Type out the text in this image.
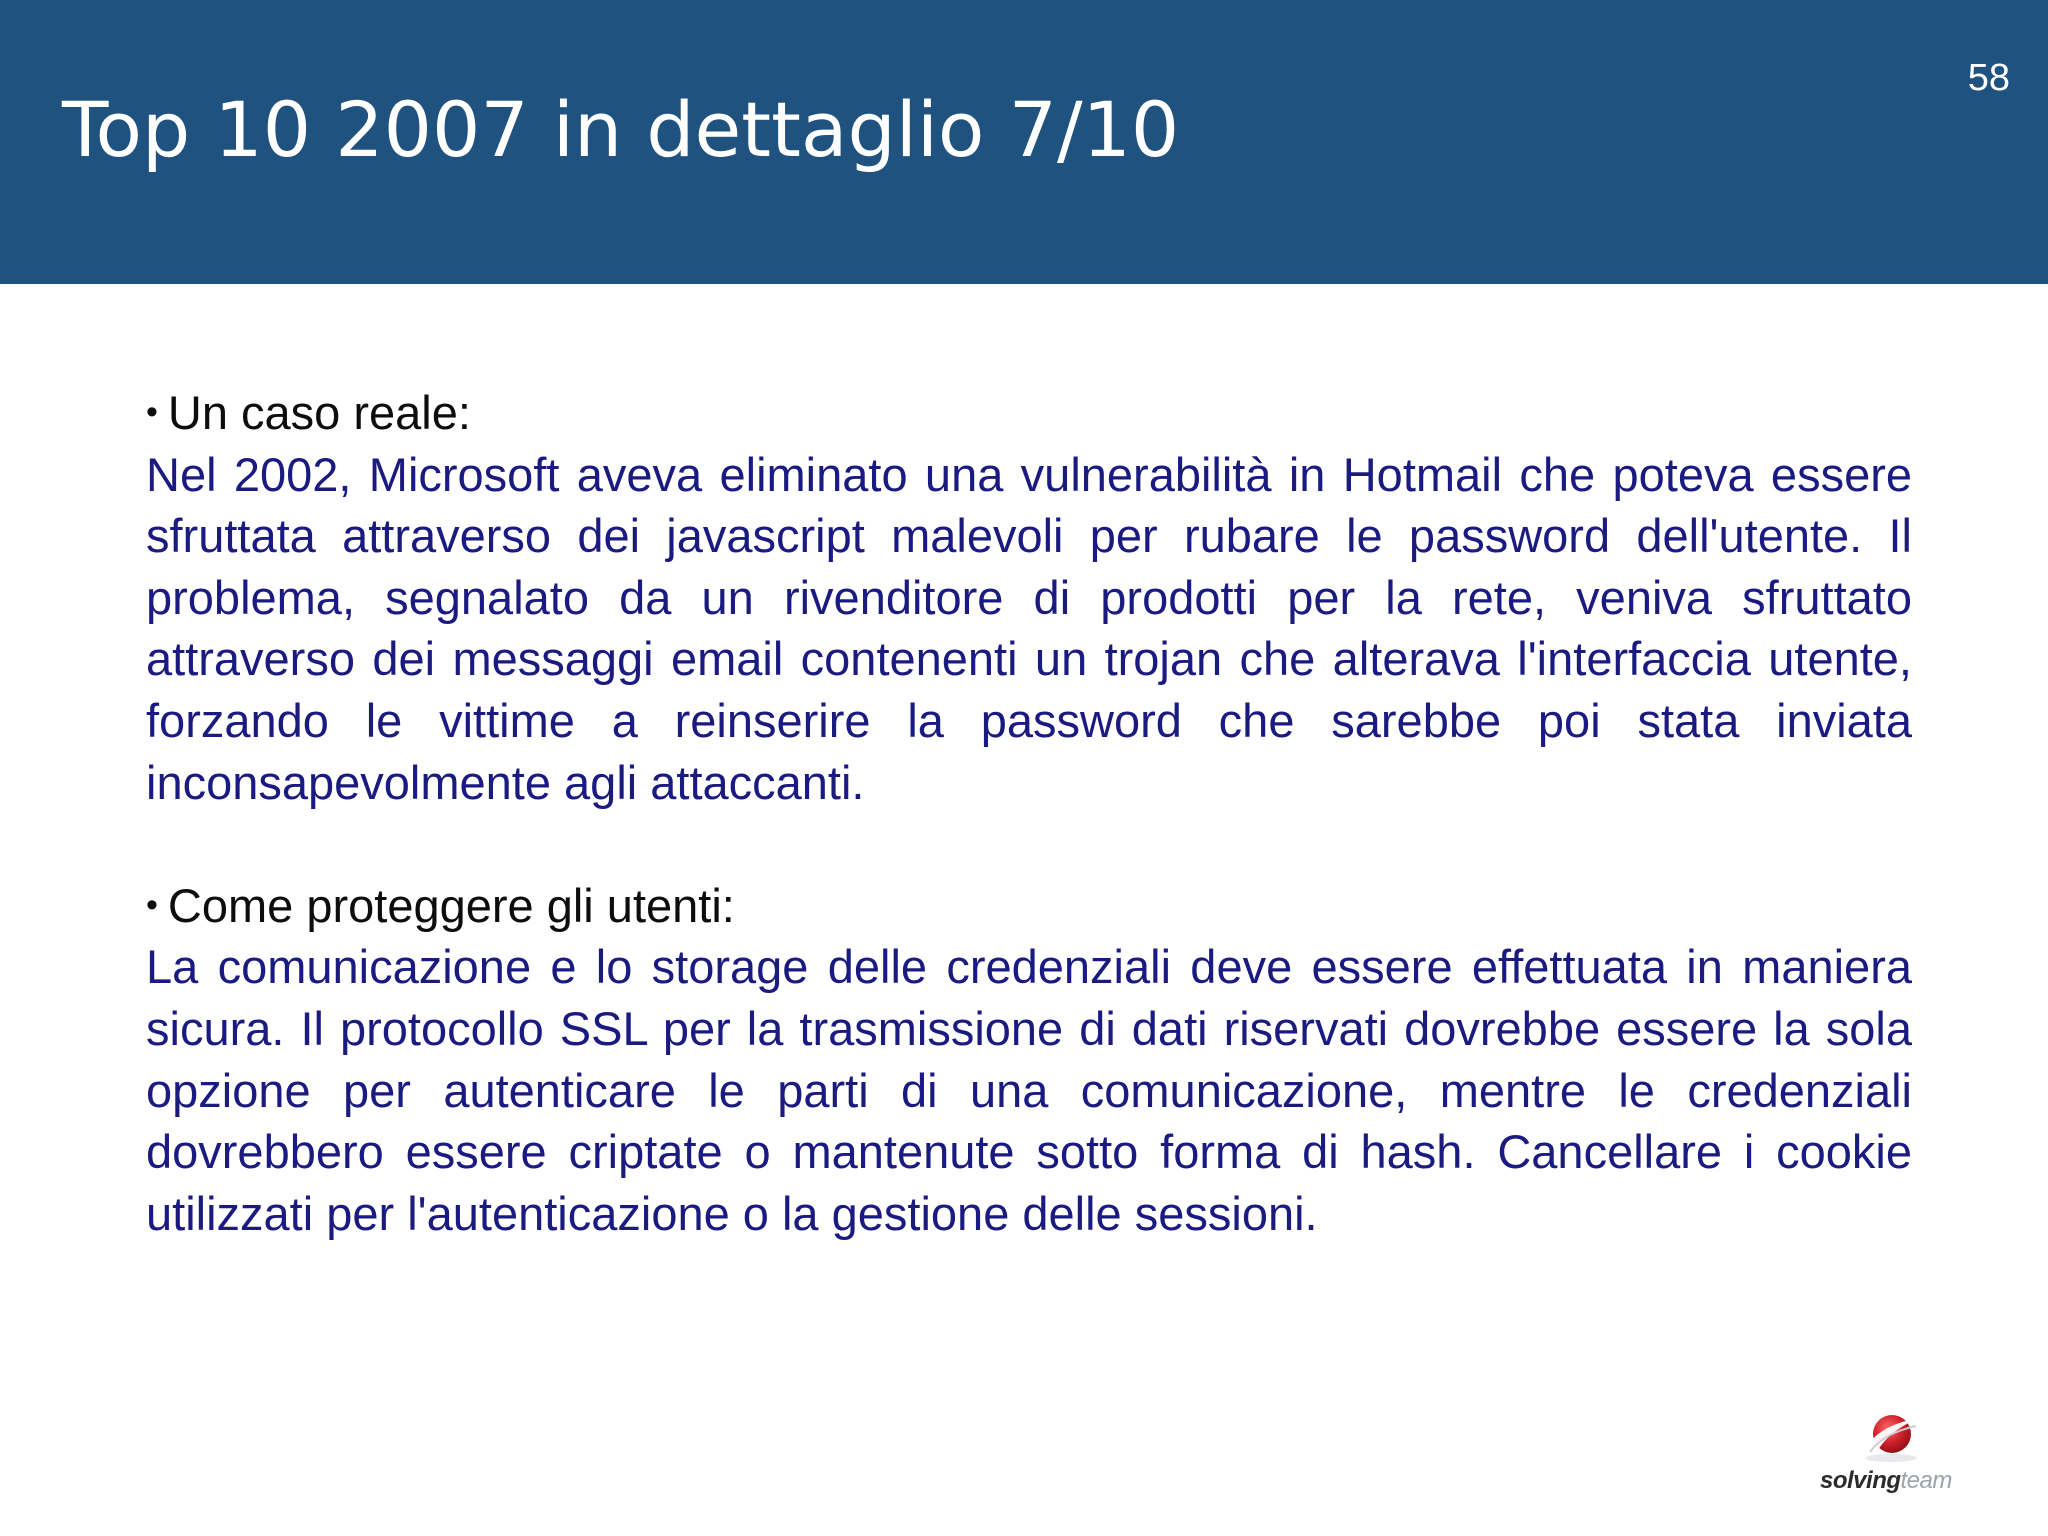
Top 10 2007 in dettaglio 7/10
58
• Un caso reale:

Nel 2002, Microsoft aveva eliminato una vulnerabilità in Hotmail che poteva essere sfruttata attraverso dei javascript malevoli per rubare le password dell'utente. Il problema, segnalato da un rivenditore di prodotti per la rete, veniva sfruttato attraverso dei messaggi email contenenti un trojan che alterava l'interfaccia utente, forzando le vittime a reinserire la password che sarebbe poi stata inviata inconsapevolmente agli attaccanti.

• Come proteggere gli utenti:

La comunicazione e lo storage delle credenziali deve essere effettuata in maniera sicura. Il protocollo SSL per la trasmissione di dati riservati dovrebbe essere la sola opzione per autenticare le parti di una comunicazione, mentre le credenziali dovrebbero essere criptate o mantenute sotto forma di hash. Cancellare i cookie utilizzati per l'autenticazione o la gestione delle sessioni.

solvingteam
